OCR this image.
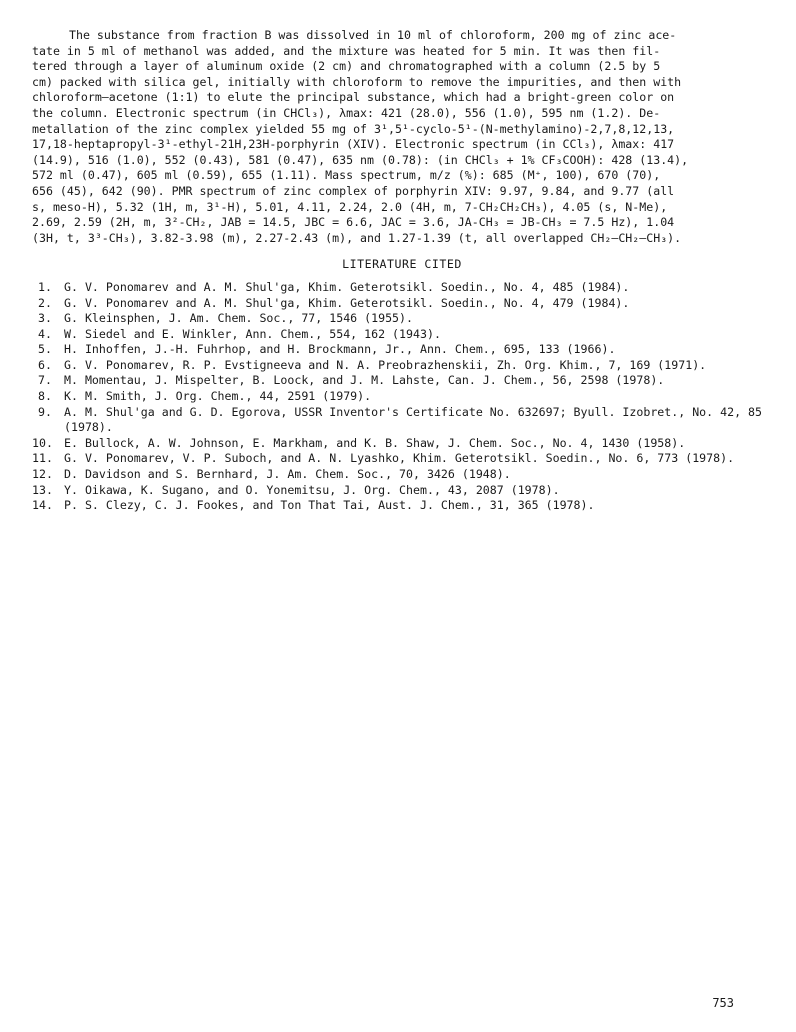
The substance from fraction B was dissolved in 10 ml of chloroform, 200 mg of zinc ace-
tate in 5 ml of methanol was added, and the mixture was heated for 5 min. It was then fil-
tered through a layer of aluminum oxide (2 cm) and chromatographed with a column (2.5 by 5
cm) packed with silica gel, initially with chloroform to remove the impurities, and then with
chloroform–acetone (1:1) to elute the principal substance, which had a bright-green color on
the column. Electronic spectrum (in CHCl₃), λmax: 421 (28.0), 556 (1.0), 595 nm (1.2). De-
metallation of the zinc complex yielded 55 mg of 3¹,5¹-cyclo-5¹-(N-methylamino)-2,7,8,12,13,
17,18-heptapropyl-3¹-ethyl-21H,23H-porphyrin (XIV). Electronic spectrum (in CCl₃), λmax: 417
(14.9), 516 (1.0), 552 (0.43), 581 (0.47), 635 nm (0.78): (in CHCl₃ + 1% CF₃COOH): 428 (13.4),
572 ml (0.47), 605 ml (0.59), 655 (1.11). Mass spectrum, m/z (%): 685 (M⁺, 100), 670 (70),
656 (45), 642 (90). PMR spectrum of zinc complex of porphyrin XIV: 9.97, 9.84, and 9.77 (all
s, meso-H), 5.32 (1H, m, 3¹-H), 5.01, 4.11, 2.24, 2.0 (4H, m, 7-CH₂CH₂CH₃), 4.05 (s, N-Me),
2.69, 2.59 (2H, m, 3²-CH₂, JAB = 14.5, JBC = 6.6, JAC = 3.6, JA-CH₃ = JB-CH₃ = 7.5 Hz), 1.04
(3H, t, 3³-CH₃), 3.82-3.98 (m), 2.27-2.43 (m), and 1.27-1.39 (t, all overlapped CH₂–CH₂–CH₃).

LITERATURE CITED
1. G. V. Ponomarev and A. M. Shul'ga, Khim. Geterotsikl. Soedin., No. 4, 485 (1984).
2. G. V. Ponomarev and A. M. Shul'ga, Khim. Geterotsikl. Soedin., No. 4, 479 (1984).
3. G. Kleinsphen, J. Am. Chem. Soc., 77, 1546 (1955).
4. W. Siedel and E. Winkler, Ann. Chem., 554, 162 (1943).
5. H. Inhoffen, J.-H. Fuhrhop, and H. Brockmann, Jr., Ann. Chem., 695, 133 (1966).
6. G. V. Ponomarev, R. P. Evstigneeva and N. A. Preobrazhenskii, Zh. Org. Khim., 7, 169 (1971).
7. M. Momentau, J. Mispelter, B. Loock, and J. M. Lahste, Can. J. Chem., 56, 2598 (1978).
8. K. M. Smith, J. Org. Chem., 44, 2591 (1979).
9. A. M. Shul'ga and G. D. Egorova, USSR Inventor's Certificate No. 632697; Byull. Izobret., No. 42, 85 (1978).
10. E. Bullock, A. W. Johnson, E. Markham, and K. B. Shaw, J. Chem. Soc., No. 4, 1430 (1958).
11. G. V. Ponomarev, V. P. Suboch, and A. N. Lyashko, Khim. Geterotsikl. Soedin., No. 6, 773 (1978).
12. D. Davidson and S. Bernhard, J. Am. Chem. Soc., 70, 3426 (1948).
13. Y. Oikawa, K. Sugano, and O. Yonemitsu, J. Org. Chem., 43, 2087 (1978).
14. P. S. Clezy, C. J. Fookes, and Ton That Tai, Aust. J. Chem., 31, 365 (1978).
753
